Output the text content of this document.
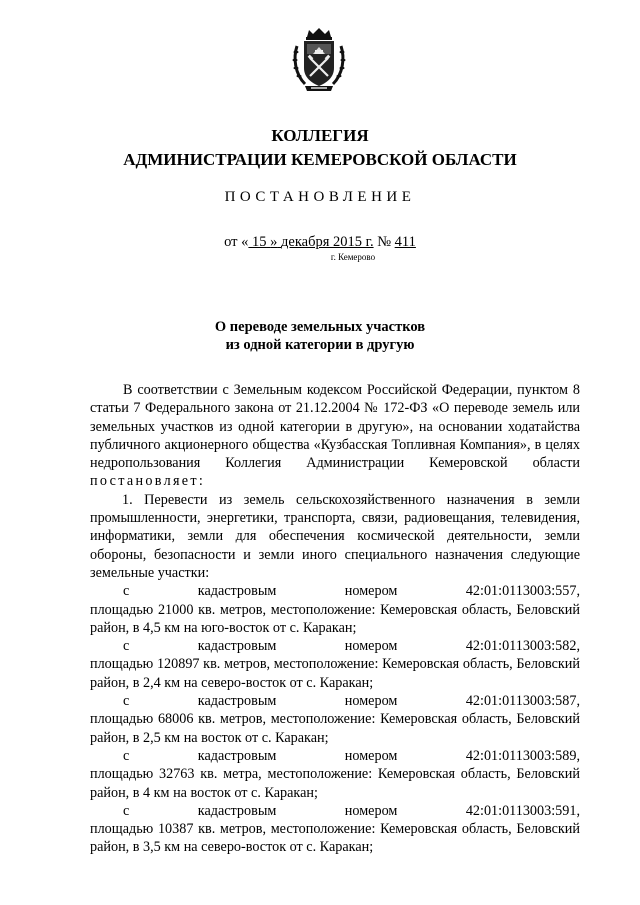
КОЛЛЕГИЯ
АДМИНИСТРАЦИИ КЕМЕРОВСКОЙ ОБЛАСТИ
ПОСТАНОВЛЕНИЕ
от « 15 » декабря 2015 г. № 411
г. Кемерово
О переводе земельных участков
из одной категории в другую

В соответствии с Земельным кодексом Российской Федерации, пунктом 8 статьи 7 Федерального закона от 21.12.2004 № 172-ФЗ «О переводе земель или земельных участков из одной категории в другую», на основании ходатайства публичного акционерного общества «Кузбасская Топливная Компания», в целях недропользования Коллегия Администрации Кемеровской области постановляет:

1. Перевести из земель сельскохозяйственного назначения в земли промышленности, энергетики, транспорта, связи, радиовещания, телевидения, информатики, земли для обеспечения космической деятельности, земли обороны, безопасности и земли иного специального назначения следующие земельные участки:

с	кадастровым	номером	42:01:0113003:557,

площадью 21000 кв. метров, местоположение: Кемеровская область, Беловский район, в 4,5 км на юго-восток от с. Каракан;

с	кадастровым	номером	42:01:0113003:582,

площадью 120897 кв. метров, местоположение: Кемеровская область, Беловский район, в 2,4 км на северо-восток от с. Каракан;

с	кадастровым	номером	42:01:0113003:587,

площадью 68006 кв. метров, местоположение: Кемеровская область, Беловский район, в 2,5 км на восток от с. Каракан;

с	кадастровым	номером	42:01:0113003:589,

площадью 32763 кв. метра, местоположение: Кемеровская область, Беловский район, в 4 км на восток от с. Каракан;

с	кадастровым	номером	42:01:0113003:591,

площадью 10387 кв. метров, местоположение: Кемеровская область, Беловский район, в 3,5 км на северо-восток от с. Каракан;
